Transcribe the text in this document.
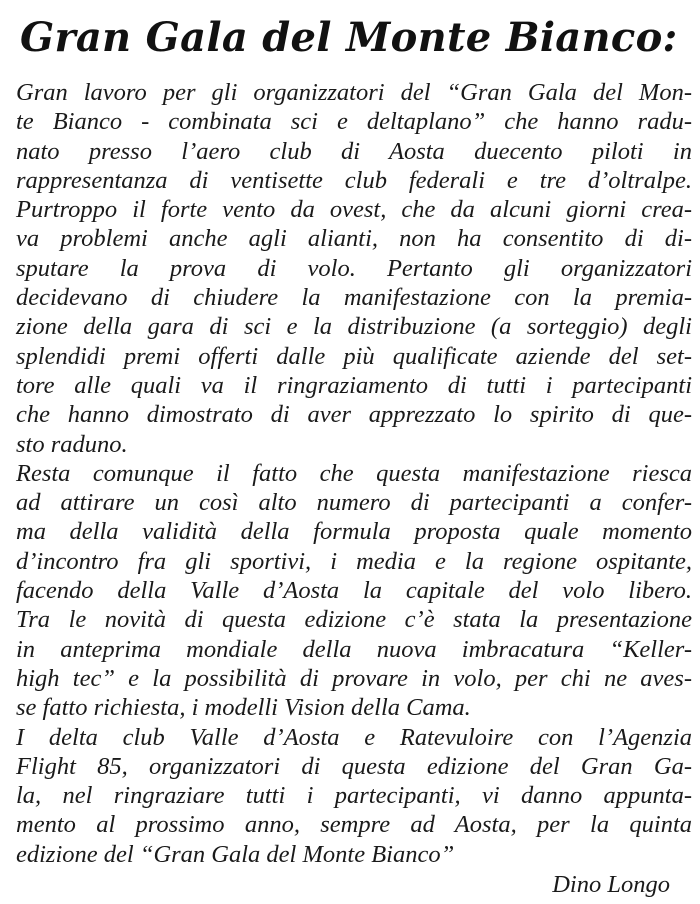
Gran Gala del Monte Bianco:
Gran lavoro per gli organizzatori del “Gran Gala del Mon-
te Bianco - combinata sci e deltaplano” che hanno radu-
nato presso l’aero club di Aosta duecento piloti in
rappresentanza di ventisette club federali e tre d’oltralpe.
Purtroppo il forte vento da ovest, che da alcuni giorni crea-
va problemi anche agli alianti, non ha consentito di di-
sputare la prova di volo. Pertanto gli organizzatori
decidevano di chiudere la manifestazione con la premia-
zione della gara di sci e la distribuzione (a sorteggio) degli
splendidi premi offerti dalle più qualificate aziende del set-
tore alle quali va il ringraziamento di tutti i partecipanti
che hanno dimostrato di aver apprezzato lo spirito di que-
sto raduno.
Resta comunque il fatto che questa manifestazione riesca
ad attirare un così alto numero di partecipanti a confer-
ma della validità della formula proposta quale momento
d’incontro fra gli sportivi, i media e la regione ospitante,
facendo della Valle d’Aosta la capitale del volo libero.
Tra le novità di questa edizione c’è stata la presentazione
in anteprima mondiale della nuova imbracatura “Keller-
high tec” e la possibilità di provare in volo, per chi ne aves-
se fatto richiesta, i modelli Vision della Cama.
I delta club Valle d’Aosta e Ratevuloire con l’Agenzia
Flight 85, organizzatori di questa edizione del Gran Ga-
la, nel ringraziare tutti i partecipanti, vi danno appunta-
mento al prossimo anno, sempre ad Aosta, per la quinta
edizione del “Gran Gala del Monte Bianco”
Dino Longo
